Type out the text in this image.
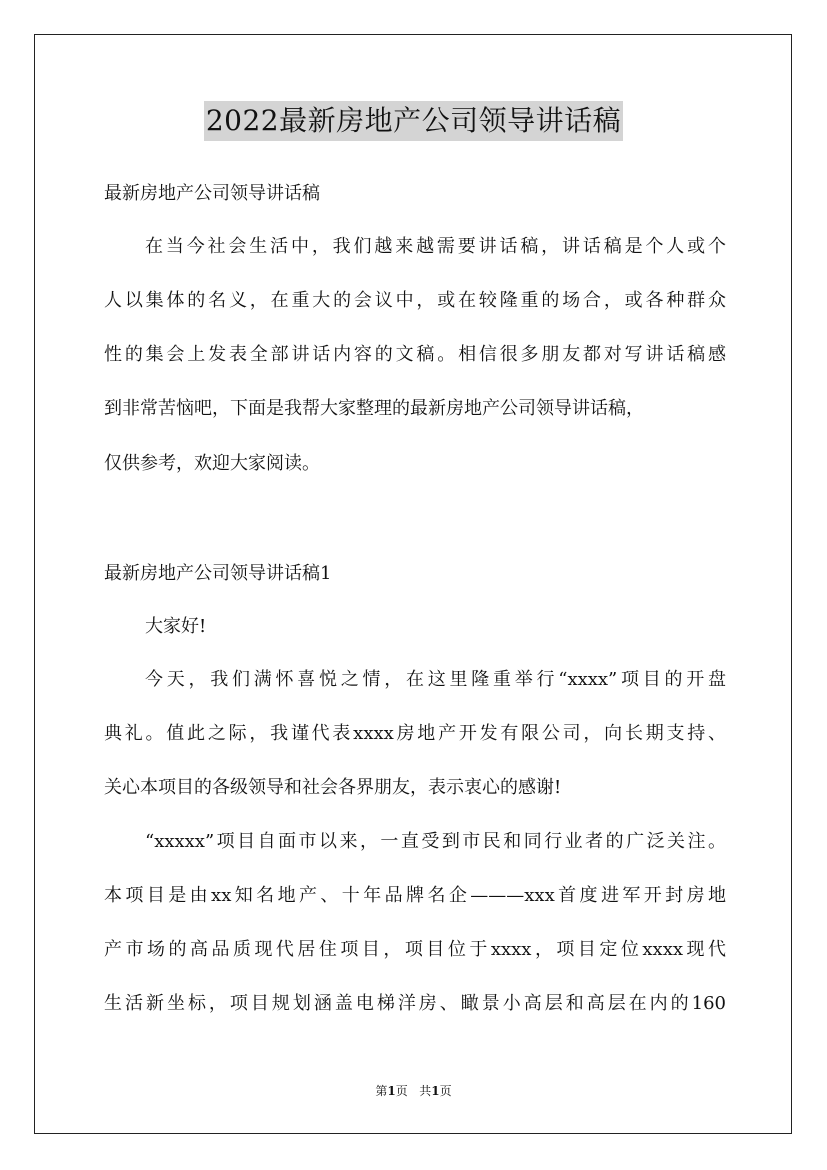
2022最新房地产公司领导讲话稿
最新房地产公司领导讲话稿
在当今社会生活中，我们越来越需要讲话稿，讲话稿是个人或个
人以集体的名义，在重大的会议中，或在较隆重的场合，或各种群众
性的集会上发表全部讲话内容的文稿。相信很多朋友都对写讲话稿感
到非常苦恼吧，下面是我帮大家整理的最新房地产公司领导讲话稿，
仅供参考，欢迎大家阅读。
最新房地产公司领导讲话稿1
大家好!
今天，我们满怀喜悦之情，在这里隆重举行“xxxx”项目的开盘
典礼。值此之际，我谨代表xxxx房地产开发有限公司，向长期支持、
关心本项目的各级领导和社会各界朋友，表示衷心的感谢!
“xxxxx”项目自面市以来，一直受到市民和同行业者的广泛关注。
本项目是由xx知名地产、十年品牌名企———xxx首度进军开封房地
产市场的高品质现代居住项目，项目位于xxxx，项目定位xxxx现代
生活新坐标，项目规划涵盖电梯洋房、瞰景小高层和高层在内的160
第1页 共1页
